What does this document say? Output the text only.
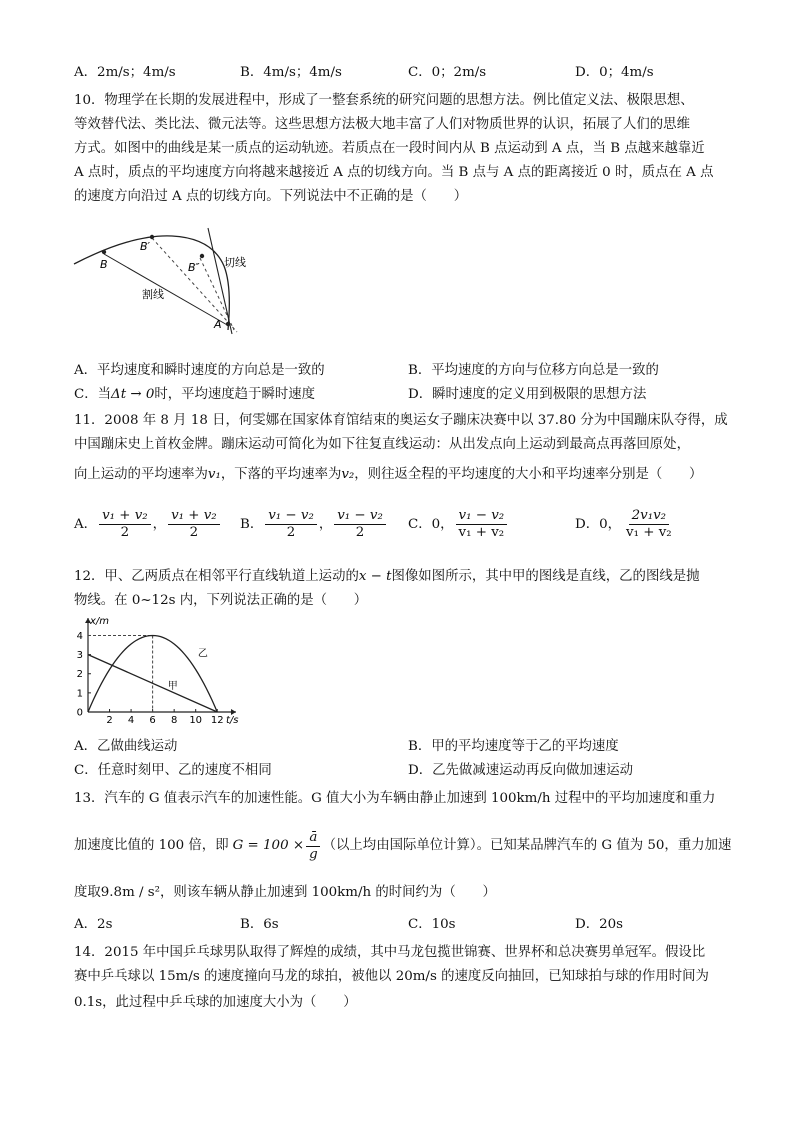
A．2m/s；4m/s	B．4m/s；4m/s	C．0；2m/s	D．0；4m/s
10．物理学在长期的发展进程中，形成了一整套系统的研究问题的思想方法。例比值定义法、极限思想、
等效替代法、类比法、微元法等。这些思想方法极大地丰富了人们对物质世界的认识，拓展了人们的思维
方式。如图中的曲线是某一质点的运动轨迹。若质点在一段时间内从 B 点运动到 A 点，当 B 点越来越靠近
A 点时，质点的平均速度方向将越来越接近 A 点的切线方向。当 B 点与 A 点的距离接近 0 时，质点在 A 点
的速度方向沿过 A 点的切线方向。下列说法中不正确的是（　　）
B
B′
B″
A
切线
割线
A．平均速度和瞬时速度的方向总是一致的	B．平均速度的方向与位移方向总是一致的
C．当Δt → 0时，平均速度趋于瞬时速度	D．瞬时速度的定义用到极限的思想方法
11．2008 年 8 月 18 日，何雯娜在国家体育馆结束的奥运女子蹦床决赛中以 37.80 分为中国蹦床队夺得，成
中国蹦床史上首枚金牌。蹦床运动可简化为如下往复直线运动：从出发点向上运动到最高点再落回原处，
向上运动的平均速率为v₁，下落的平均速率为v₂，则往返全程的平均速度的大小和平均速率分别是（　　）
A． $\frac{\text{v₁ + v₂}}{2}$ ， $\frac{\text{v₁ + v₂}}{2}$ B． $\frac{\text{v₁ − v₂}}{2}$ ， $\frac{\text{v₁ − v₂}}{2}$ C．0， $\frac{\text{v₁ − v₂}}{\text{v₁ + v₂}}$	D．0， $\frac{\text{2v₁v₂}}{\text{v₁ + v₂}}$
12．甲、乙两质点在相邻平行直线轨道上运动的x − t图像如图所示，其中甲的图线是直线，乙的图线是抛
物线。在 0~12s 内，下列说法正确的是（　　）
2 4 6 8 10 12
0
1
2
3
4
t/s
x/m
甲
乙
A．乙做曲线运动	B．甲的平均速度等于乙的平均速度
C．任意时刻甲、乙的速度不相同	D．乙先做减速运动再反向做加速运动
13．汽车的 G 值表示汽车的加速性能。G 值大小为车辆由静止加速到 100km/h 过程中的平均加速度和重力
加速度比值的 100 倍，即 $G = 100 \times \frac{ā}{g}$ （以上均由国际单位计算）。已知某品牌汽车的 G 值为 50，重力加速
度取9.8m / s²，则该车辆从静止加速到 100km/h 的时间约为（　　）
A．2s	B．6s	C．10s	D．20s
14．2015 年中国乒乓球男队取得了辉煌的成绩，其中马龙包揽世锦赛、世界杯和总决赛男单冠军。假设比
赛中乒乓球以 15m/s 的速度撞向马龙的球拍，被他以 20m/s 的速度反向抽回，已知球拍与球的作用时间为
0.1s，此过程中乒乓球的加速度大小为（　　）
